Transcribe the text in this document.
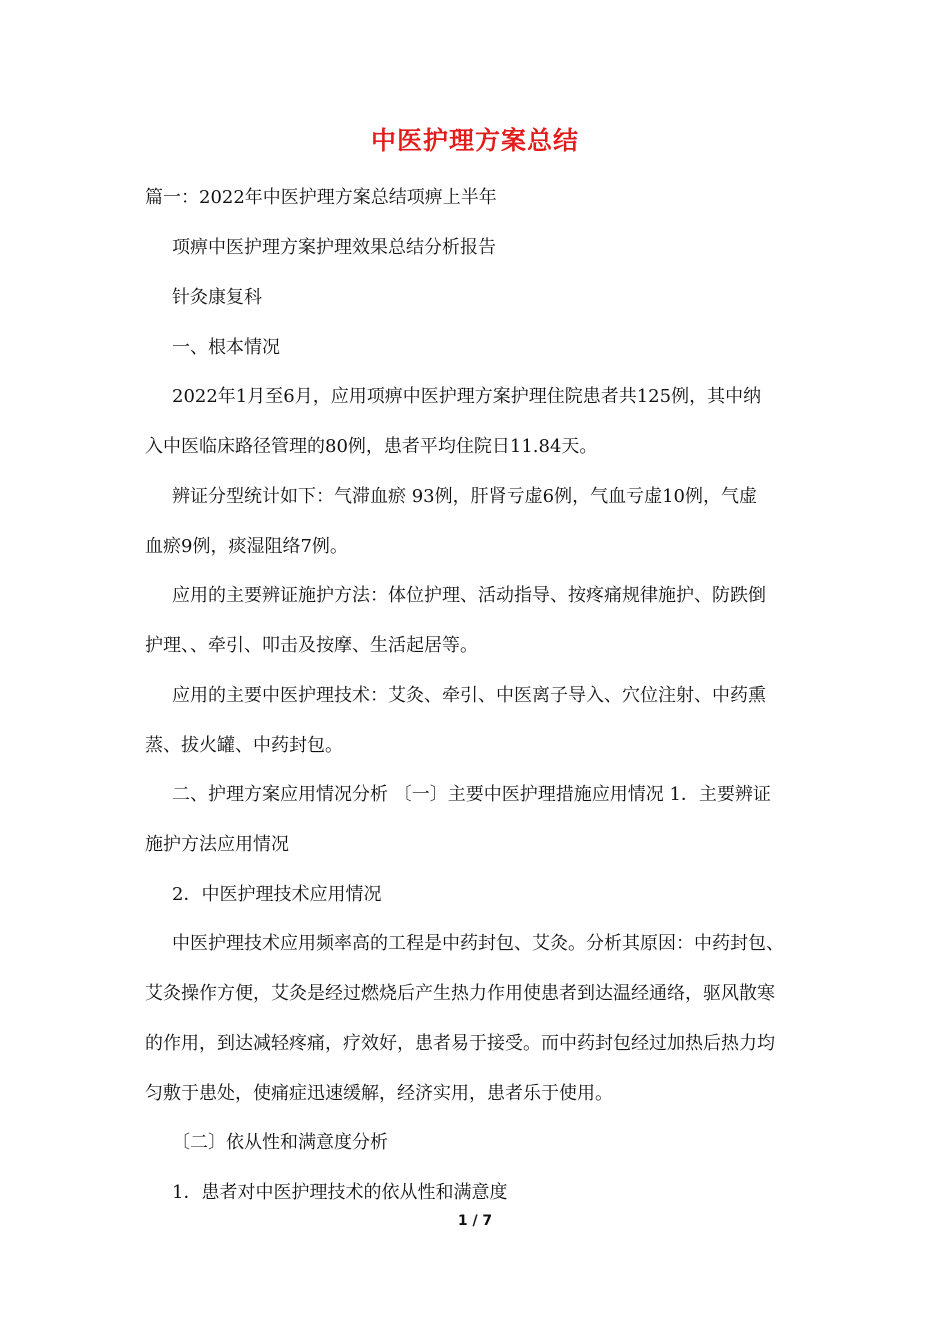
中医护理方案总结
篇一：2022年中医护理方案总结项痹上半年
项痹中医护理方案护理效果总结分析报告
针灸康复科
一、根本情况
2022年1月至6月，应用项痹中医护理方案护理住院患者共125例，其中纳
入中医临床路径管理的80例，患者平均住院日11.84天。
辨证分型统计如下：气滞血瘀 93例，肝肾亏虚6例，气血亏虚10例，气虚
血瘀9例，痰湿阻络7例。
应用的主要辨证施护方法：体位护理、活动指导、按疼痛规律施护、防跌倒
护理、、牵引、叩击及按摩、生活起居等。
应用的主要中医护理技术：艾灸、牵引、中医离子导入、穴位注射、中药熏
蒸、拔火罐、中药封包。
二、护理方案应用情况分析 〔一〕主要中医护理措施应用情况 1．主要辨证
施护方法应用情况
2．中医护理技术应用情况
中医护理技术应用频率高的工程是中药封包、艾灸。分析其原因：中药封包、
艾灸操作方便，艾灸是经过燃烧后产生热力作用使患者到达温经通络，驱风散寒
的作用，到达减轻疼痛，疗效好，患者易于接受。而中药封包经过加热后热力均
匀敷于患处，使痛症迅速缓解，经济实用，患者乐于使用。
〔二〕依从性和满意度分析
1．患者对中医护理技术的依从性和满意度
1 / 7
